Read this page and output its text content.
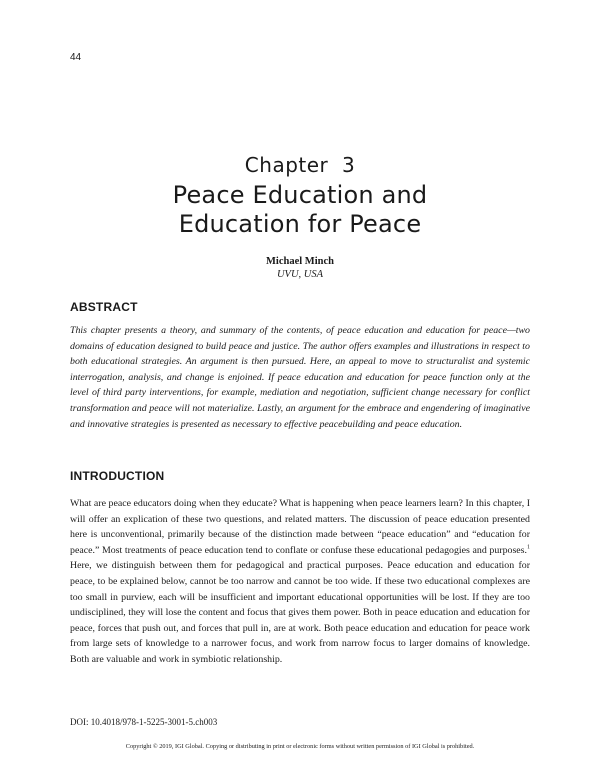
44
Chapter  3
Peace Education and
Education for Peace
Michael Minch
UVU, USA
ABSTRACT

This chapter presents a theory, and summary of the contents, of peace education and education for peace—two domains of education designed to build peace and justice. The author offers examples and illustrations in respect to both educational strategies. An argument is then pursued. Here, an appeal to move to structuralist and systemic interrogation, analysis, and change is enjoined. If peace education and education for peace function only at the level of third party interventions, for example, mediation and negotiation, sufficient change necessary for conflict transformation and peace will not materialize. Lastly, an argument for the embrace and engendering of imaginative and innovative strategies is presented as necessary to effective peacebuilding and peace education.

INTRODUCTION

What are peace educators doing when they educate? What is happening when peace learners learn? In this chapter, I will offer an explication of these two questions, and related matters. The discussion of peace education presented here is unconventional, primarily because of the distinction made between “peace education” and “education for peace.” Most treatments of peace education tend to conflate or confuse these educational pedagogies and purposes.$^1$ Here, we distinguish between them for pedagogical and practical purposes. Peace education and education for peace, to be explained below, cannot be too narrow and cannot be too wide. If these two educational complexes are too small in purview, each will be insufficient and important educational opportunities will be lost. If they are too undisciplined, they will lose the content and focus that gives them power. Both in peace education and education for peace, forces that push out, and forces that pull in, are at work. Both peace education and education for peace work from large sets of knowledge to a narrower focus, and work from narrow focus to larger domains of knowledge. Both are valuable and work in symbiotic relationship.

DOI: 10.4018/978-1-5225-3001-5.ch003
Copyright © 2019, IGI Global. Copying or distributing in print or electronic forms without written permission of IGI Global is prohibited.
